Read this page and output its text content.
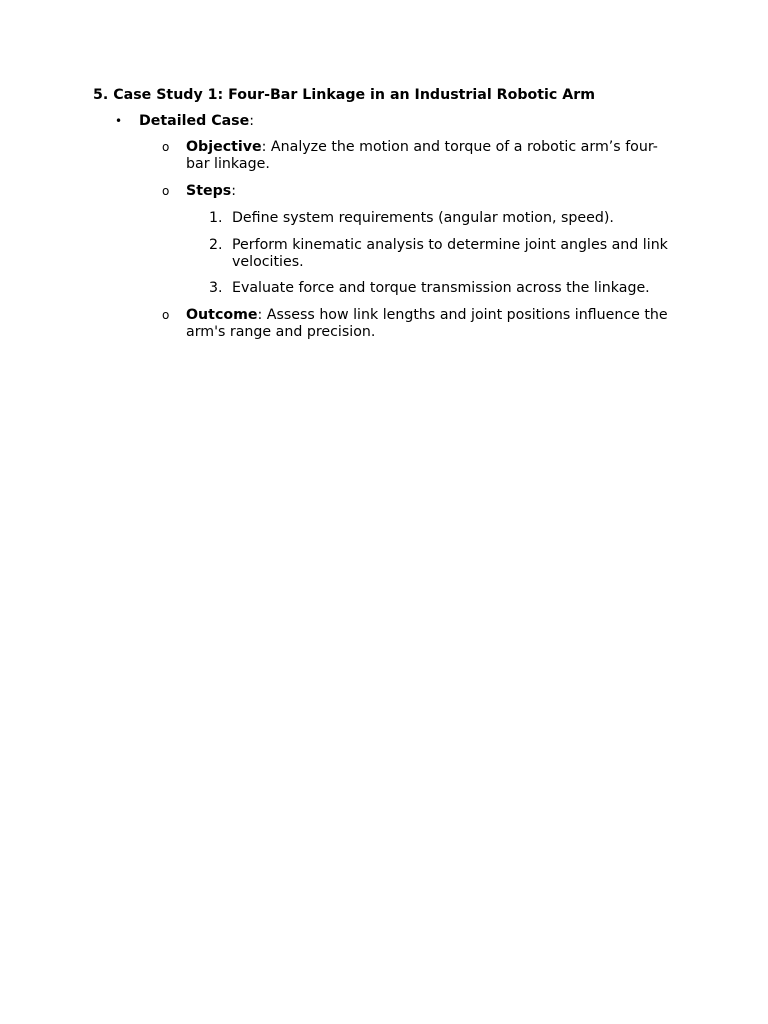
5. Case Study 1: Four-Bar Linkage in an Industrial Robotic Arm
• Detailed Case:
o Objective: Analyze the motion and torque of a robotic arm’s four-bar linkage.
o Steps:
1. Define system requirements (angular motion, speed).
2. Perform kinematic analysis to determine joint angles and link velocities.
3. Evaluate force and torque transmission across the linkage.
o Outcome: Assess how link lengths and joint positions influence the arm's range and precision.
